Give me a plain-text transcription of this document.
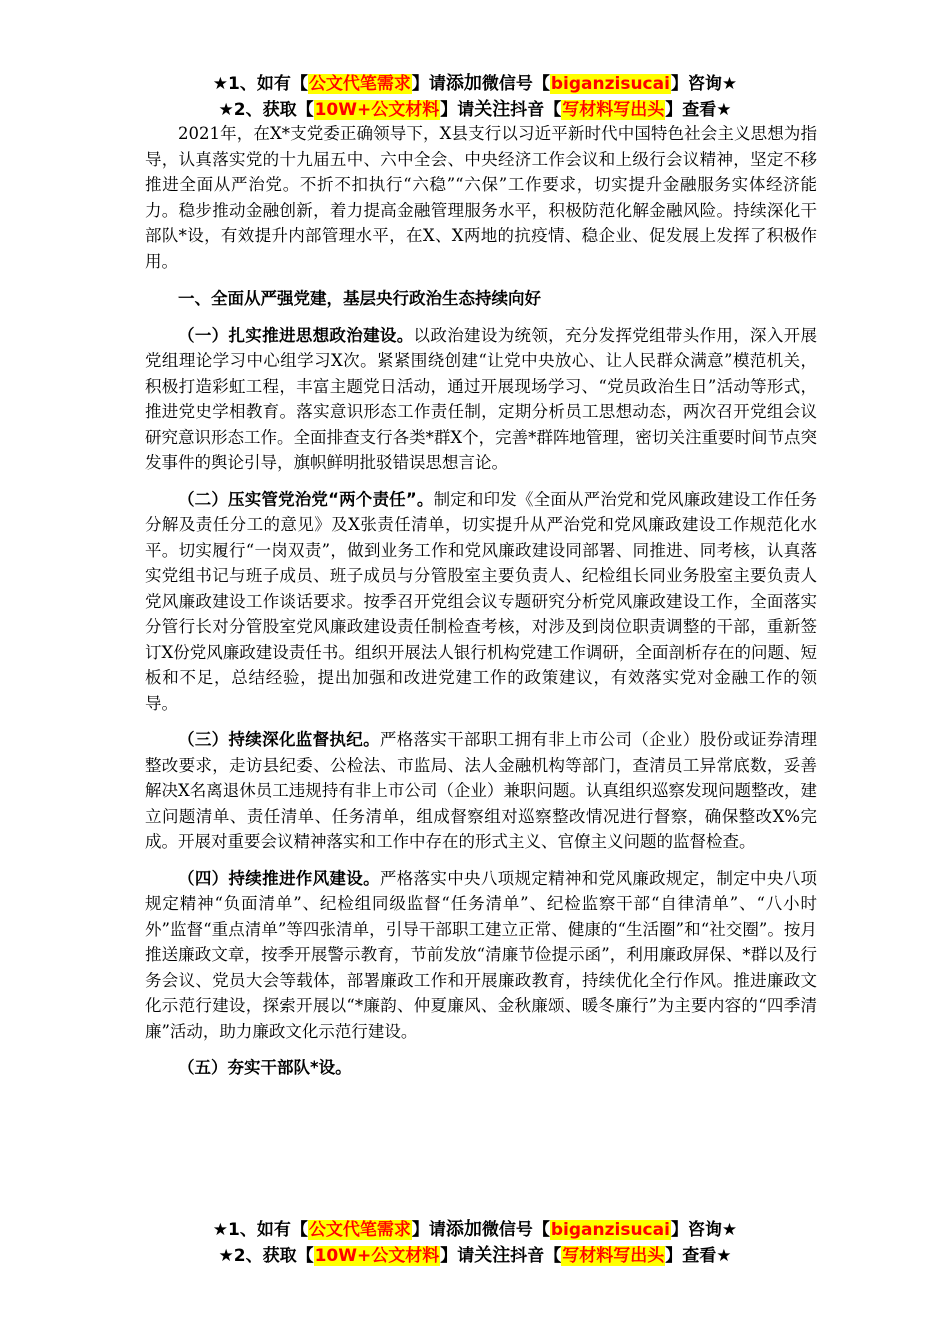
★1、如有【公文代笔需求】请添加微信号【biganzisucai】咨询★
★2、获取【10W+公文材料】请关注抖音【写材料写出头】查看★

2021年，在X*支党委正确领导下，X县支行以习近平新时代中国特色社会主义思想为指导，认真落实党的十九届五中、六中全会、中央经济工作会议和上级行会议精神，坚定不移推进全面从严治党。不折不扣执行“六稳”“六保”工作要求，切实提升金融服务实体经济能力。稳步推动金融创新，着力提高金融管理服务水平，积极防范化解金融风险。持续深化干部队*设，有效提升内部管理水平，在X、X两地的抗疫情、稳企业、促发展上发挥了积极作用。

一、全面从严强党建，基层央行政治生态持续向好

（一）扎实推进思想政治建设。以政治建设为统领，充分发挥党组带头作用，深入开展党组理论学习中心组学习X次。紧紧围绕创建“让党中央放心、让人民群众满意”模范机关，积极打造彩虹工程，丰富主题党日活动，通过开展现场学习、“党员政治生日”活动等形式，推进党史学相教育。落实意识形态工作责任制，定期分析员工思想动态，两次召开党组会议研究意识形态工作。全面排查支行各类*群X个，完善*群阵地管理，密切关注重要时间节点突发事件的舆论引导，旗帜鲜明批驳错误思想言论。

（二）压实管党治党“两个责任”。制定和印发《全面从严治党和党风廉政建设工作任务分解及责任分工的意见》及X张责任清单，切实提升从严治党和党风廉政建设工作规范化水平。切实履行“一岗双责”，做到业务工作和党风廉政建设同部署、同推进、同考核，认真落实党组书记与班子成员、班子成员与分管股室主要负责人、纪检组长同业务股室主要负责人党风廉政建设工作谈话要求。按季召开党组会议专题研究分析党风廉政建设工作，全面落实分管行长对分管股室党风廉政建设责任制检查考核，对涉及到岗位职责调整的干部，重新签订X份党风廉政建设责任书。组织开展法人银行机构党建工作调研，全面剖析存在的问题、短板和不足，总结经验，提出加强和改进党建工作的政策建议，有效落实党对金融工作的领导。

（三）持续深化监督执纪。严格落实干部职工拥有非上市公司（企业）股份或证券清理整改要求，走访县纪委、公检法、市监局、法人金融机构等部门，查清员工异常底数，妥善解决X名离退休员工违规持有非上市公司（企业）兼职问题。认真组织巡察发现问题整改，建立问题清单、责任清单、任务清单，组成督察组对巡察整改情况进行督察，确保整改X%完成。开展对重要会议精神落实和工作中存在的形式主义、官僚主义问题的监督检查。

（四）持续推进作风建设。严格落实中央八项规定精神和党风廉政规定，制定中央八项规定精神“负面清单”、纪检组同级监督“任务清单”、纪检监察干部“自律清单”、“八小时外”监督“重点清单”等四张清单，引导干部职工建立正常、健康的“生活圈”和“社交圈”。按月推送廉政文章，按季开展警示教育，节前发放“清廉节俭提示函”，利用廉政屏保、*群以及行务会议、党员大会等载体，部署廉政工作和开展廉政教育，持续优化全行作风。推进廉政文化示范行建设，探索开展以“*廉韵、仲夏廉风、金秋廉颂、暖冬廉行”为主要内容的“四季清廉”活动，助力廉政文化示范行建设。

（五）夯实干部队*设。

★1、如有【公文代笔需求】请添加微信号【biganzisucai】咨询★
★2、获取【10W+公文材料】请关注抖音【写材料写出头】查看★
